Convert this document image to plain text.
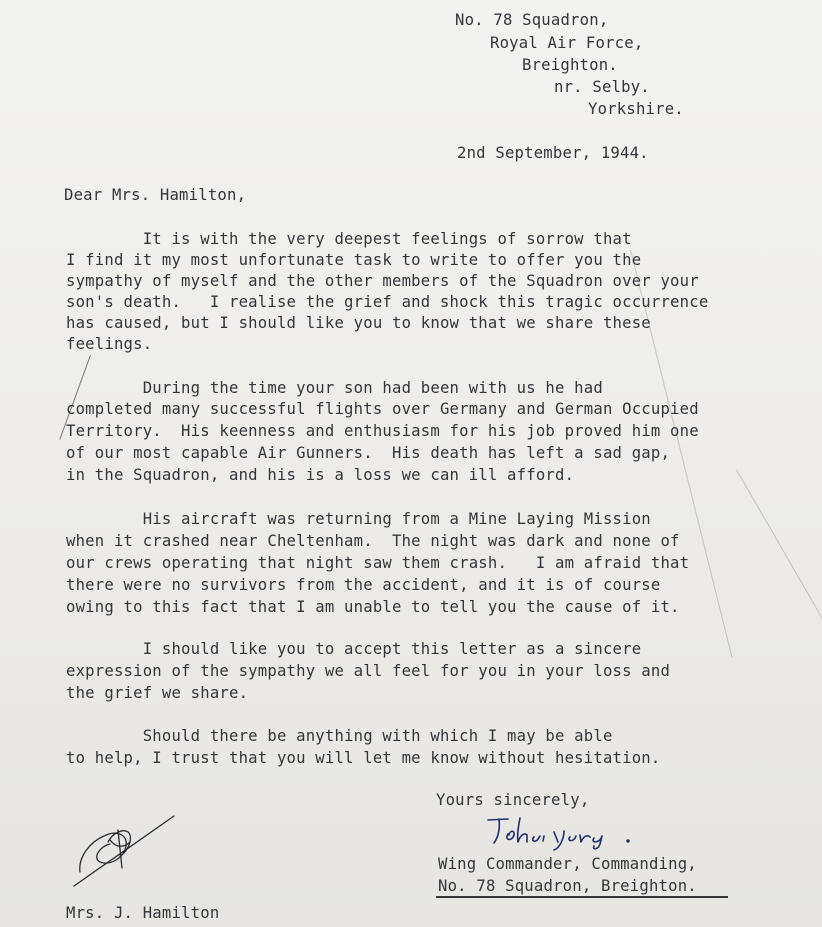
No. 78 Squadron,
Royal Air Force,
Breighton.
nr. Selby.
Yorkshire.
2nd September, 1944.
Dear Mrs. Hamilton,
It is with the very deepest feelings of sorrow that
I find it my most unfortunate task to write to offer you the
sympathy of myself and the other members of the Squadron over your
son's death.   I realise the grief and shock this tragic occurrence
has caused, but I should like you to know that we share these
feelings.
During the time your son had been with us he had
completed many successful flights over Germany and German Occupied
Territory.  His keenness and enthusiasm for his job proved him one
of our most capable Air Gunners.  His death has left a sad gap,
in the Squadron, and his is a loss we can ill afford.
His aircraft was returning from a Mine Laying Mission
when it crashed near Cheltenham.  The night was dark and none of
our crews operating that night saw them crash.   I am afraid that
there were no survivors from the accident, and it is of course
owing to this fact that I am unable to tell you the cause of it.
I should like you to accept this letter as a sincere
expression of the sympathy we all feel for you in your loss and
the grief we share.
Should there be anything with which I may be able
to help, I trust that you will let me know without hesitation.
Yours sincerely,
Wing Commander, Commanding,
No. 78 Squadron, Breighton.
Mrs. J. Hamilton
